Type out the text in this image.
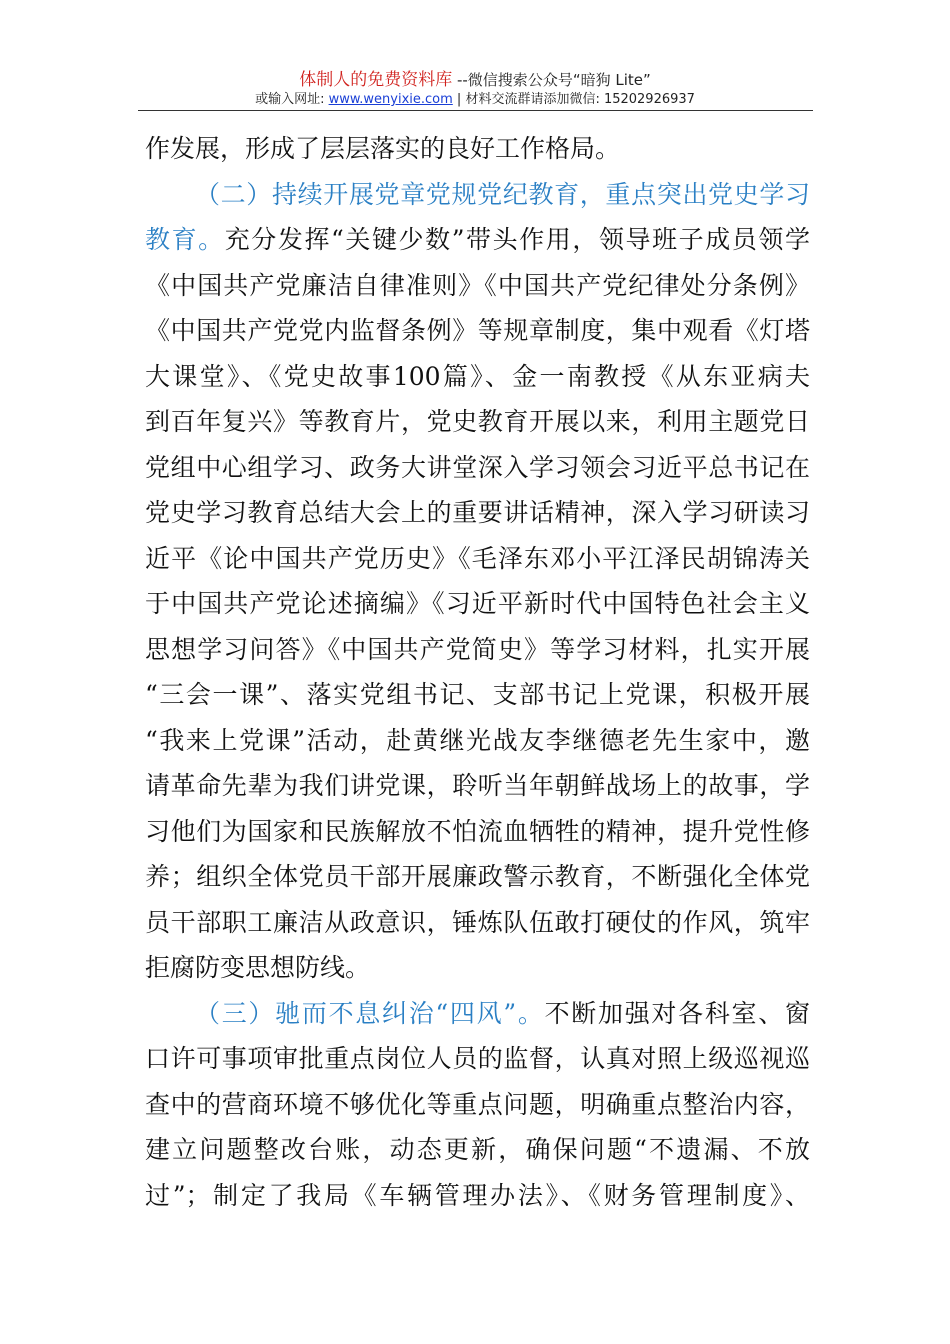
体制人的免费资料库 --微信搜索公众号“暗狗 Lite”
或输入网址: www.wenyixie.com | 材料交流群请添加微信: 15202926937
作发展，形成了层层落实的良好工作格局。
（二）持续开展党章党规党纪教育，重点突出党史学习
教育。充分发挥“关键少数”带头作用，领导班子成员领学
《中国共产党廉洁自律准则》《中国共产党纪律处分条例》
《中国共产党党内监督条例》等规章制度，集中观看《灯塔
大课堂》、《党史故事100篇》、金一南教授《从东亚病夫
到百年复兴》等教育片，党史教育开展以来，利用主题党日
党组中心组学习、政务大讲堂深入学习领会习近平总书记在
党史学习教育总结大会上的重要讲话精神，深入学习研读习
近平《论中国共产党历史》《毛泽东邓小平江泽民胡锦涛关
于中国共产党论述摘编》《习近平新时代中国特色社会主义
思想学习问答》《中国共产党简史》等学习材料，扎实开展
“三会一课”、落实党组书记、支部书记上党课，积极开展
“我来上党课”活动，赴黄继光战友李继德老先生家中，邀
请革命先辈为我们讲党课，聆听当年朝鲜战场上的故事，学
习他们为国家和民族解放不怕流血牺牲的精神，提升党性修
养；组织全体党员干部开展廉政警示教育，不断强化全体党
员干部职工廉洁从政意识，锤炼队伍敢打硬仗的作风，筑牢
拒腐防变思想防线。
（三）驰而不息纠治“四风”。不断加强对各科室、窗
口许可事项审批重点岗位人员的监督，认真对照上级巡视巡
查中的营商环境不够优化等重点问题，明确重点整治内容，
建立问题整改台账，动态更新，确保问题“不遗漏、不放
过”；制定了我局《车辆管理办法》、《财务管理制度》、
